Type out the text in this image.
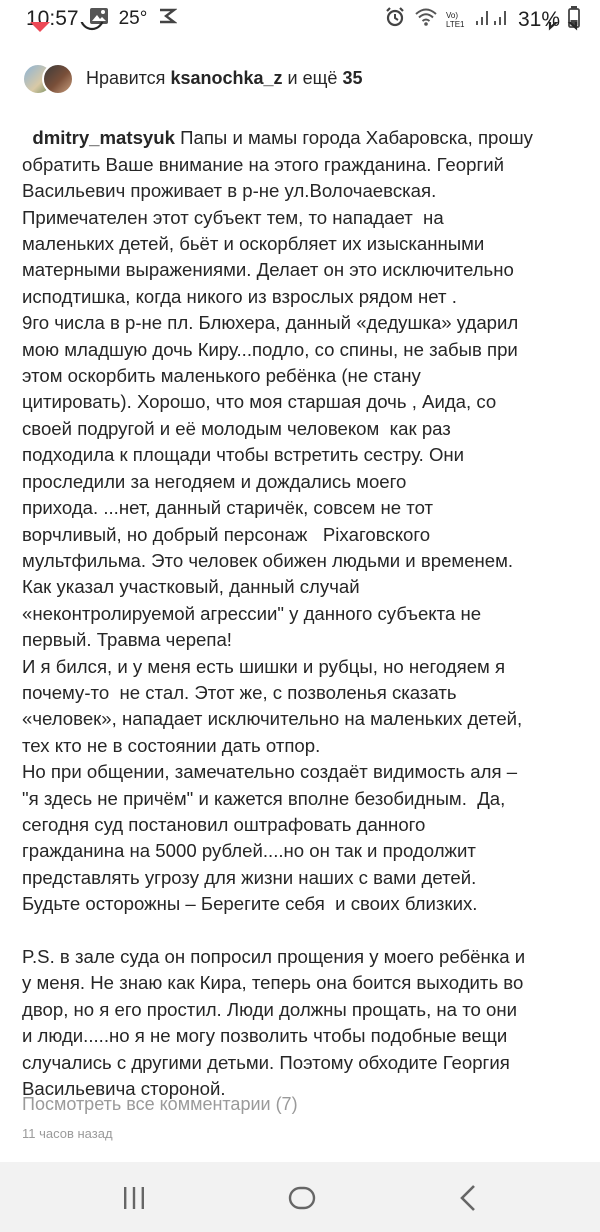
10:57 25°	Vo) LTE1	31%
Нравится
ksanochka_z
и ещё
35

dmitry_matsyuk Папы и мамы города Хабаровска, прошу
обратить Ваше внимание на этого гражданина. Георгий
Васильевич проживает в р-не ул.Волочаевская.
Примечателен этот субъект тем, то нападает  на
маленьких детей, бьёт и оскорбляет их изысканными
матерными выражениями. Делает он это исключительно
исподтишка, когда никого из взрослых рядом нет .
9го числа в р-не пл. Блюхера, данный «дедушка» ударил
мою младшую дочь Киру...подло, со спины, не забыв при
этом оскорбить маленького ребёнка (не стану
цитировать). Хорошо, что моя старшая дочь , Аида, со
своей подругой и её молодым человеком  как раз
подходила к площади чтобы встретить сестру. Они
проследили за негодяем и дождались моего
прихода. ...нет, данный старичёк, совсем не тот
ворчливый, но добрый персонаж   Pixаговского
мультфильма. Это человек обижен людьми и временем.
Как указал участковый, данный случай
«неконтролируемой агрессии" у данного субъекта не
первый. Травма черепа!
И я бился, и у меня есть шишки и рубцы, но негодяем я
почему-то  не стал. Этот же, с позволенья сказать
«человек», нападает исключительно на маленьких детей,
тех кто не в состоянии дать отпор.
Но при общении, замечательно создаёт видимость аля –
"я здесь не причём" и кажется вполне безобидным.  Да,
сегодня суд постановил оштрафовать данного
гражданина на 5000 рублей....но он так и продолжит
представлять угрозу для жизни наших с вами детей.
Будьте осторожны – Берегите себя  и своих близких.

P.S. в зале суда он попросил прощения у моего ребёнка и
у меня. Не знаю как Кира, теперь она боится выходить во
двор, но я его простил. Люди должны прощать, на то они
и люди.....но я не могу позволить чтобы подобные вещи
случались с другими детьми. Поэтому обходите Георгия
Васильевича стороной.

Посмотреть все комментарии (7)
11 часов назад
